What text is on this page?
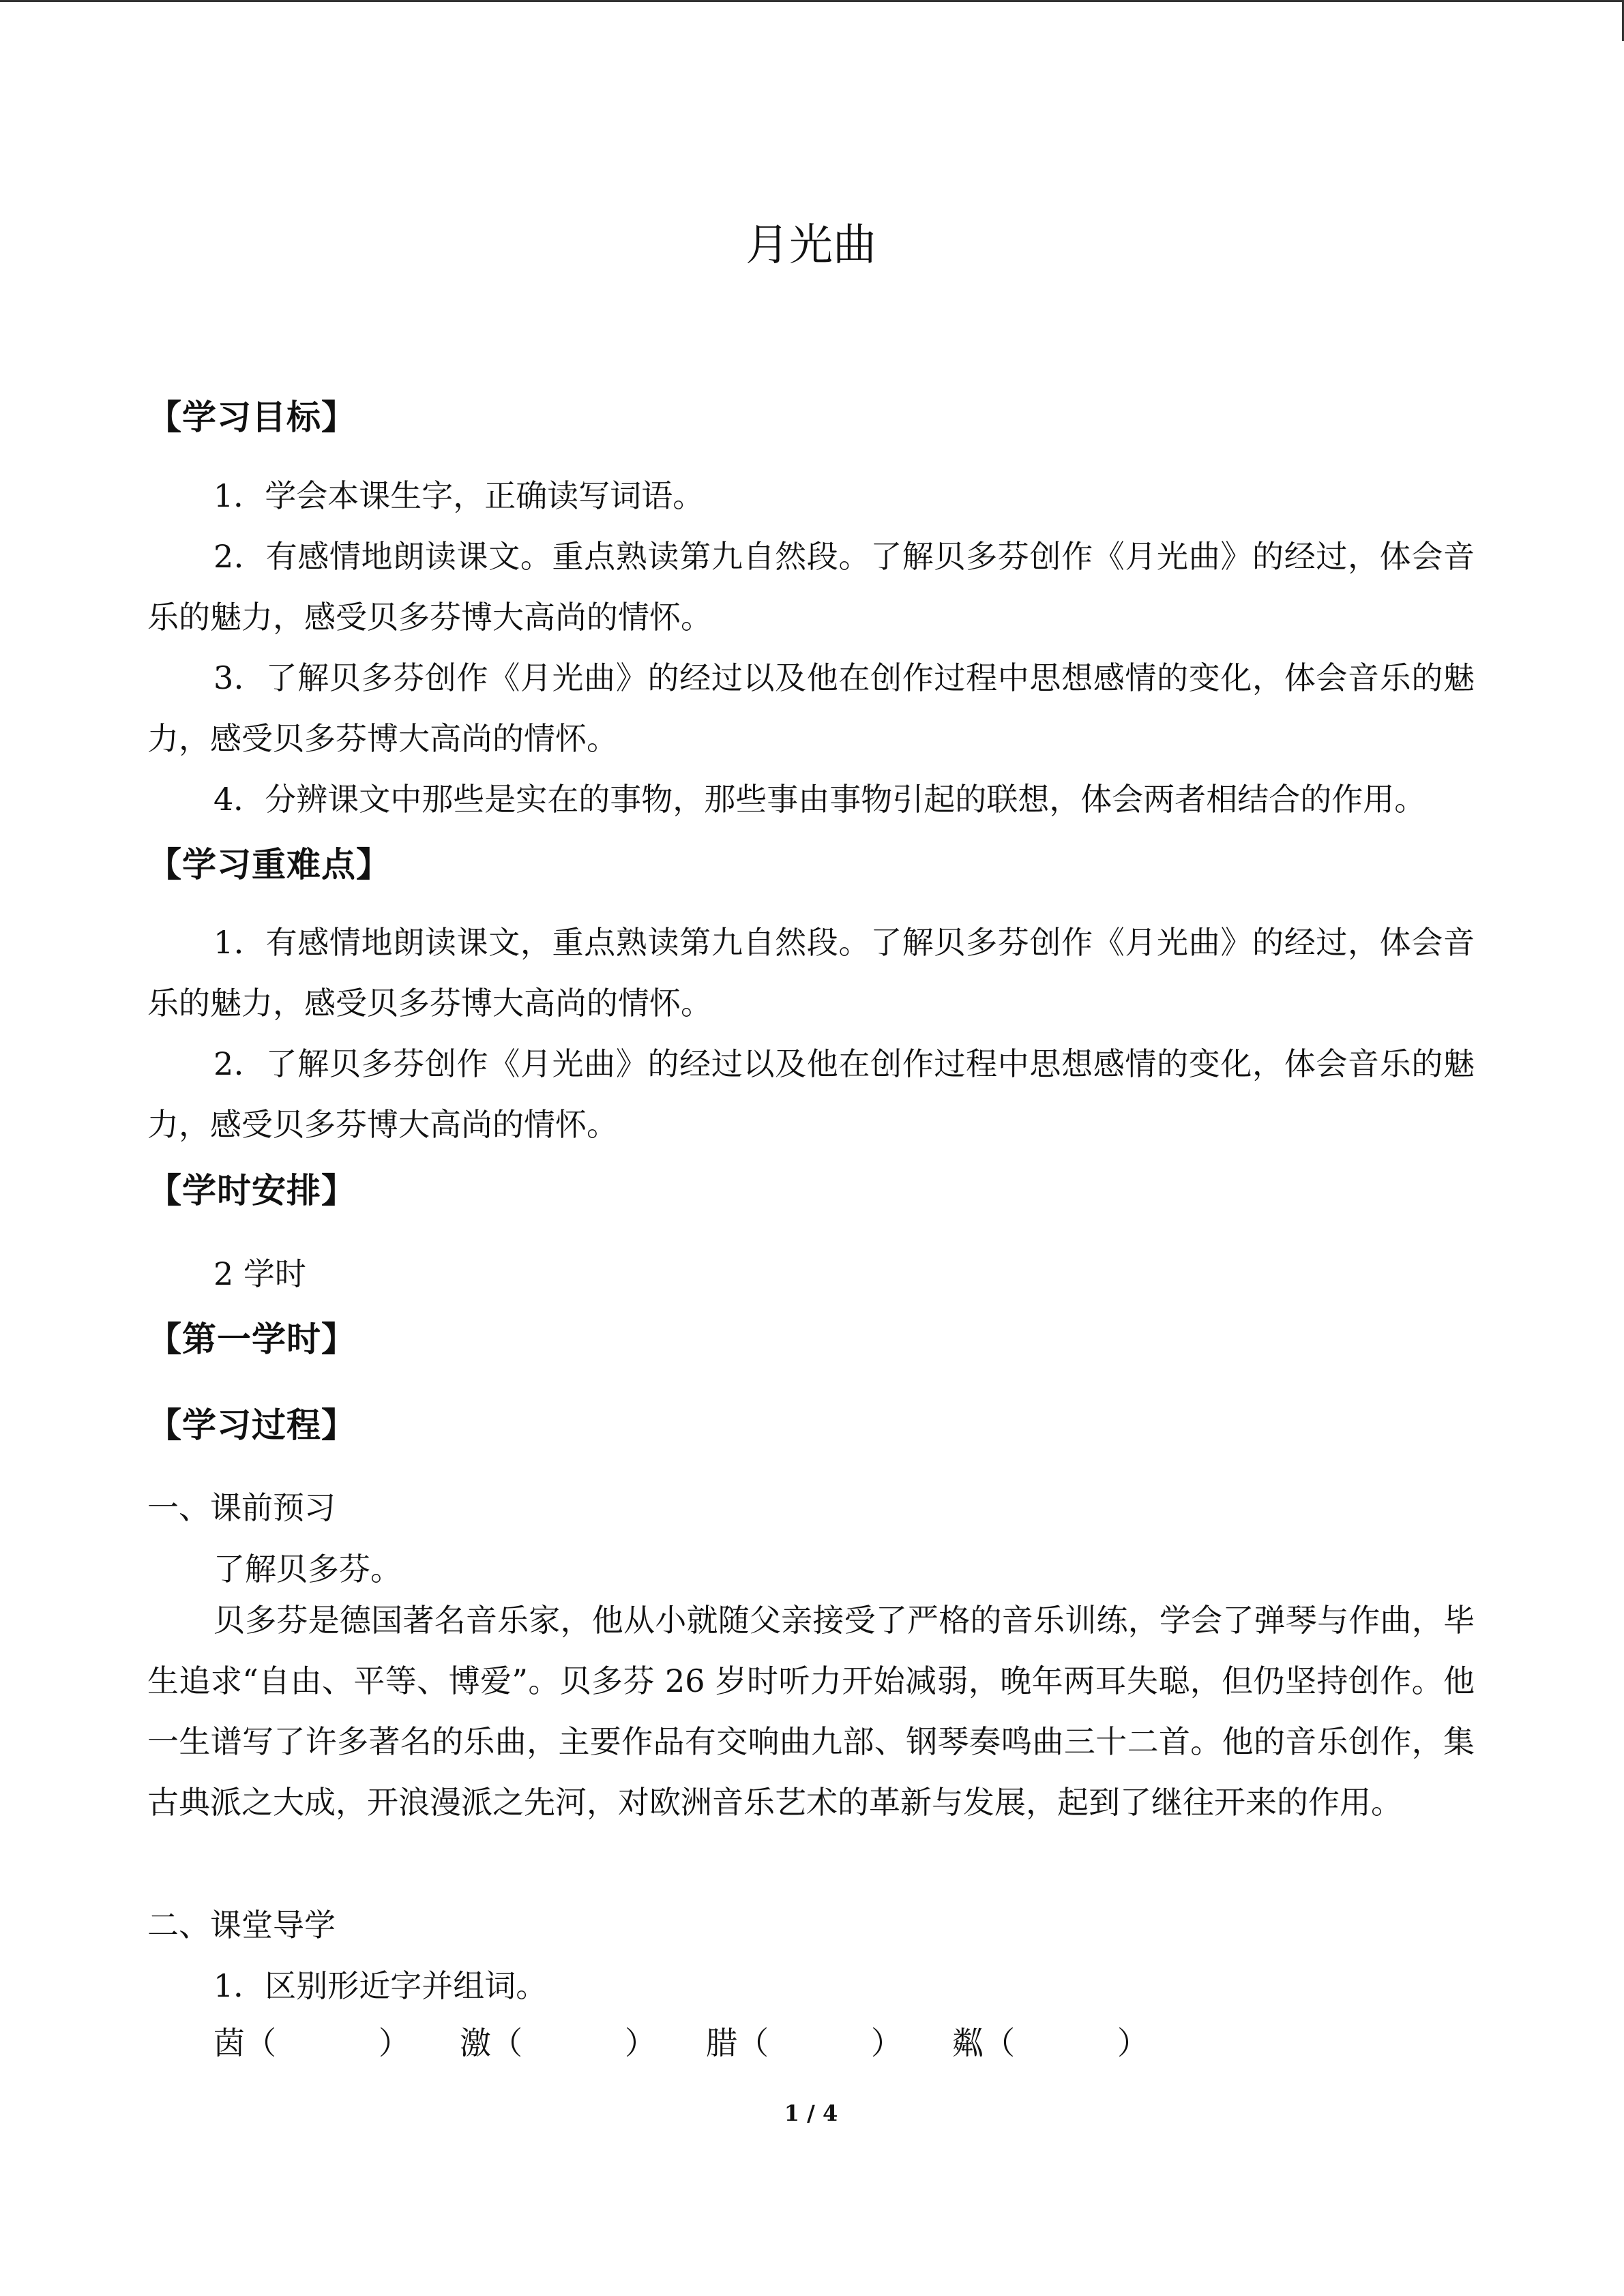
月光曲
【学习目标】

1．学会本课生字，正确读写词语。

2．有感情地朗读课文。重点熟读第九自然段。了解贝多芬创作《月光曲》的经过，体会音乐的魅力，感受贝多芬博大高尚的情怀。

3．了解贝多芬创作《月光曲》的经过以及他在创作过程中思想感情的变化，体会音乐的魅力，感受贝多芬博大高尚的情怀。

4．分辨课文中那些是实在的事物，那些事由事物引起的联想，体会两者相结合的作用。

【学习重难点】

1．有感情地朗读课文，重点熟读第九自然段。了解贝多芬创作《月光曲》的经过，体会音乐的魅力，感受贝多芬博大高尚的情怀。

2．了解贝多芬创作《月光曲》的经过以及他在创作过程中思想感情的变化，体会音乐的魅力，感受贝多芬博大高尚的情怀。

【学时安排】

2 学时

【第一学时】
【学习过程】

一、课前预习

了解贝多芬。

贝多芬是德国著名音乐家，他从小就随父亲接受了严格的音乐训练，学会了弹琴与作曲，毕生追求“自由、平等、博爱”。贝多芬 26 岁时听力开始减弱，晚年两耳失聪，但仍坚持创作。他一生谱写了许多著名的乐曲，主要作品有交响曲九部、钢琴奏鸣曲三十二首。他的音乐创作，集古典派之大成，开浪漫派之先河，对欧洲音乐艺术的革新与发展，起到了继往开来的作用。

二、课堂导学

1．区别形近字并组词。

茵（	）	激（	）	腊（	）	粼（	）

1 / 4
